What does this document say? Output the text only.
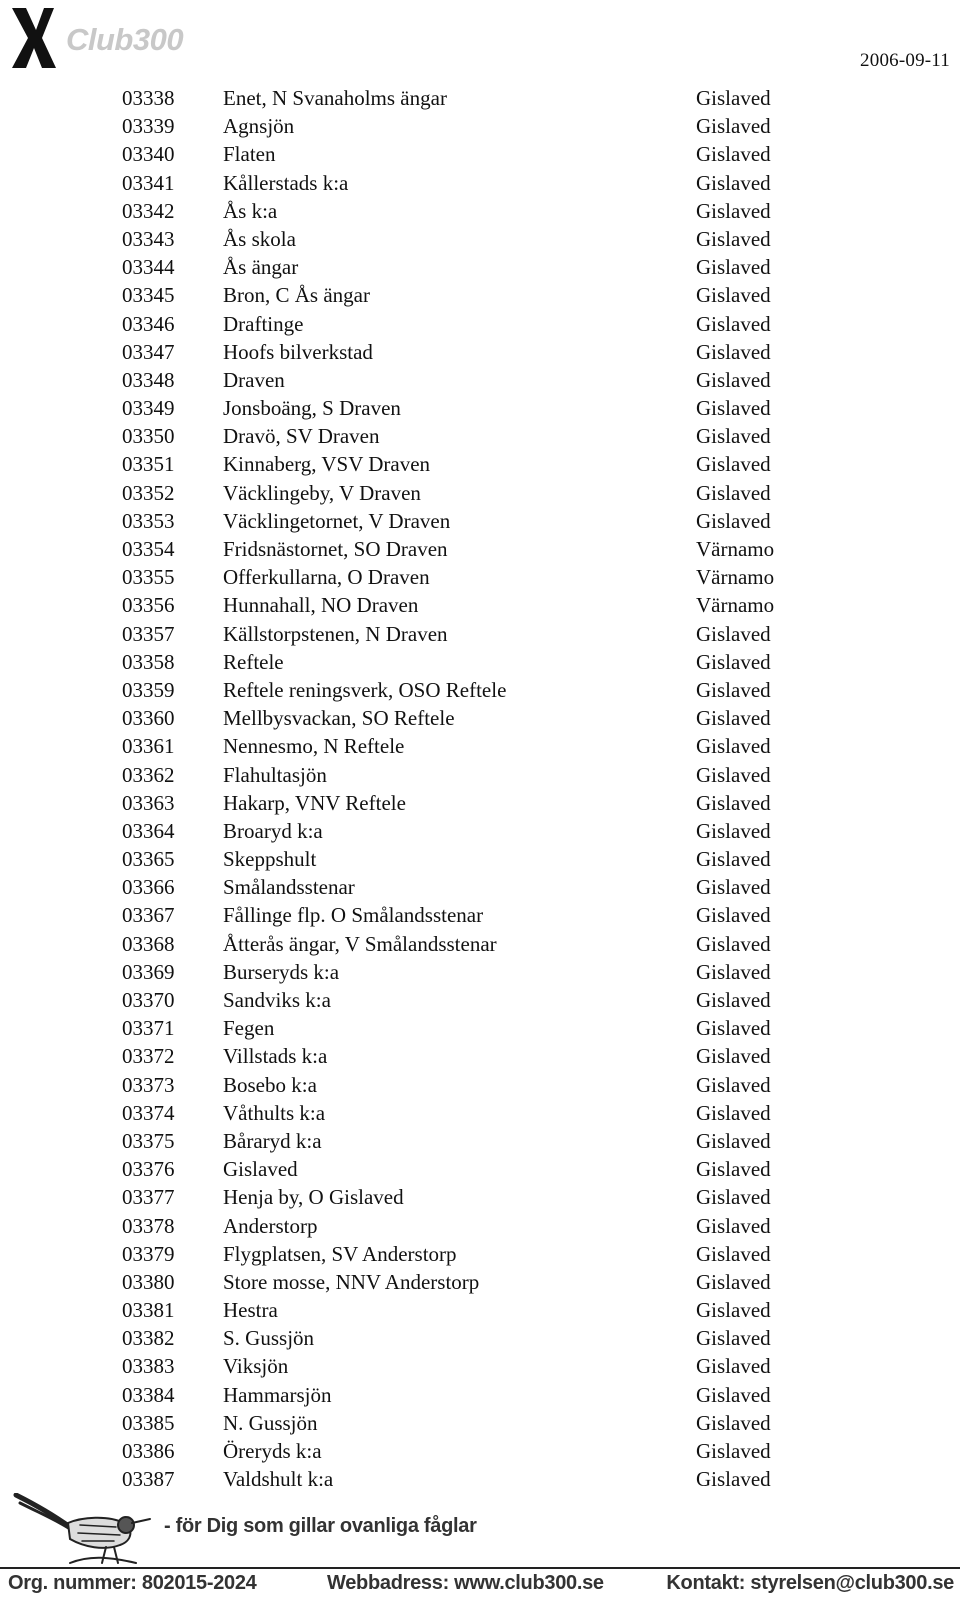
Club300
2006-09-11
03338 Enet, N Svanaholms ängar	Gislaved
03339 Agnsjön	Gislaved
03340 Flaten	Gislaved
03341 Kållerstads k:a	Gislaved
03342 Ås k:a	Gislaved
03343 Ås skola	Gislaved
03344 Ås ängar	Gislaved
03345 Bron, C Ås ängar	Gislaved
03346 Draftinge	Gislaved
03347 Hoofs bilverkstad	Gislaved
03348 Draven	Gislaved
03349 Jonsboäng, S Draven	Gislaved
03350 Dravö, SV Draven	Gislaved
03351 Kinnaberg, VSV Draven	Gislaved
03352 Väcklingeby, V Draven	Gislaved
03353 Väcklingetornet, V Draven	Gislaved
03354 Fridsnästornet, SO Draven	Värnamo
03355 Offerkullarna, O Draven	Värnamo
03356 Hunnahall, NO Draven	Värnamo
03357 Källstorpstenen, N Draven	Gislaved
03358 Reftele	Gislaved
03359 Reftele reningsverk, OSO Reftele	Gislaved
03360 Mellbysvackan, SO Reftele	Gislaved
03361 Nennesmo, N Reftele	Gislaved
03362 Flahultasjön	Gislaved
03363 Hakarp, VNV Reftele	Gislaved
03364 Broaryd k:a	Gislaved
03365 Skeppshult	Gislaved
03366 Smålandsstenar	Gislaved
03367 Fållinge flp. O Smålandsstenar	Gislaved
03368 Åtterås ängar, V Smålandsstenar	Gislaved
03369 Burseryds k:a	Gislaved
03370 Sandviks k:a	Gislaved
03371 Fegen	Gislaved
03372 Villstads k:a	Gislaved
03373 Bosebo k:a	Gislaved
03374 Våthults k:a	Gislaved
03375 Båraryd k:a	Gislaved
03376 Gislaved	Gislaved
03377 Henja by, O Gislaved	Gislaved
03378 Anderstorp	Gislaved
03379 Flygplatsen, SV Anderstorp	Gislaved
03380 Store mosse, NNV Anderstorp	Gislaved
03381 Hestra	Gislaved
03382 S. Gussjön	Gislaved
03383 Viksjön	Gislaved
03384 Hammarsjön	Gislaved
03385 N. Gussjön	Gislaved
03386 Öreryds k:a	Gislaved
03387 Valdshult k:a	Gislaved
- för Dig som gillar ovanliga fåglar
Org. nummer: 802015-2024	Webbadress: www.club300.se	Kontakt: styrelsen@club300.se
